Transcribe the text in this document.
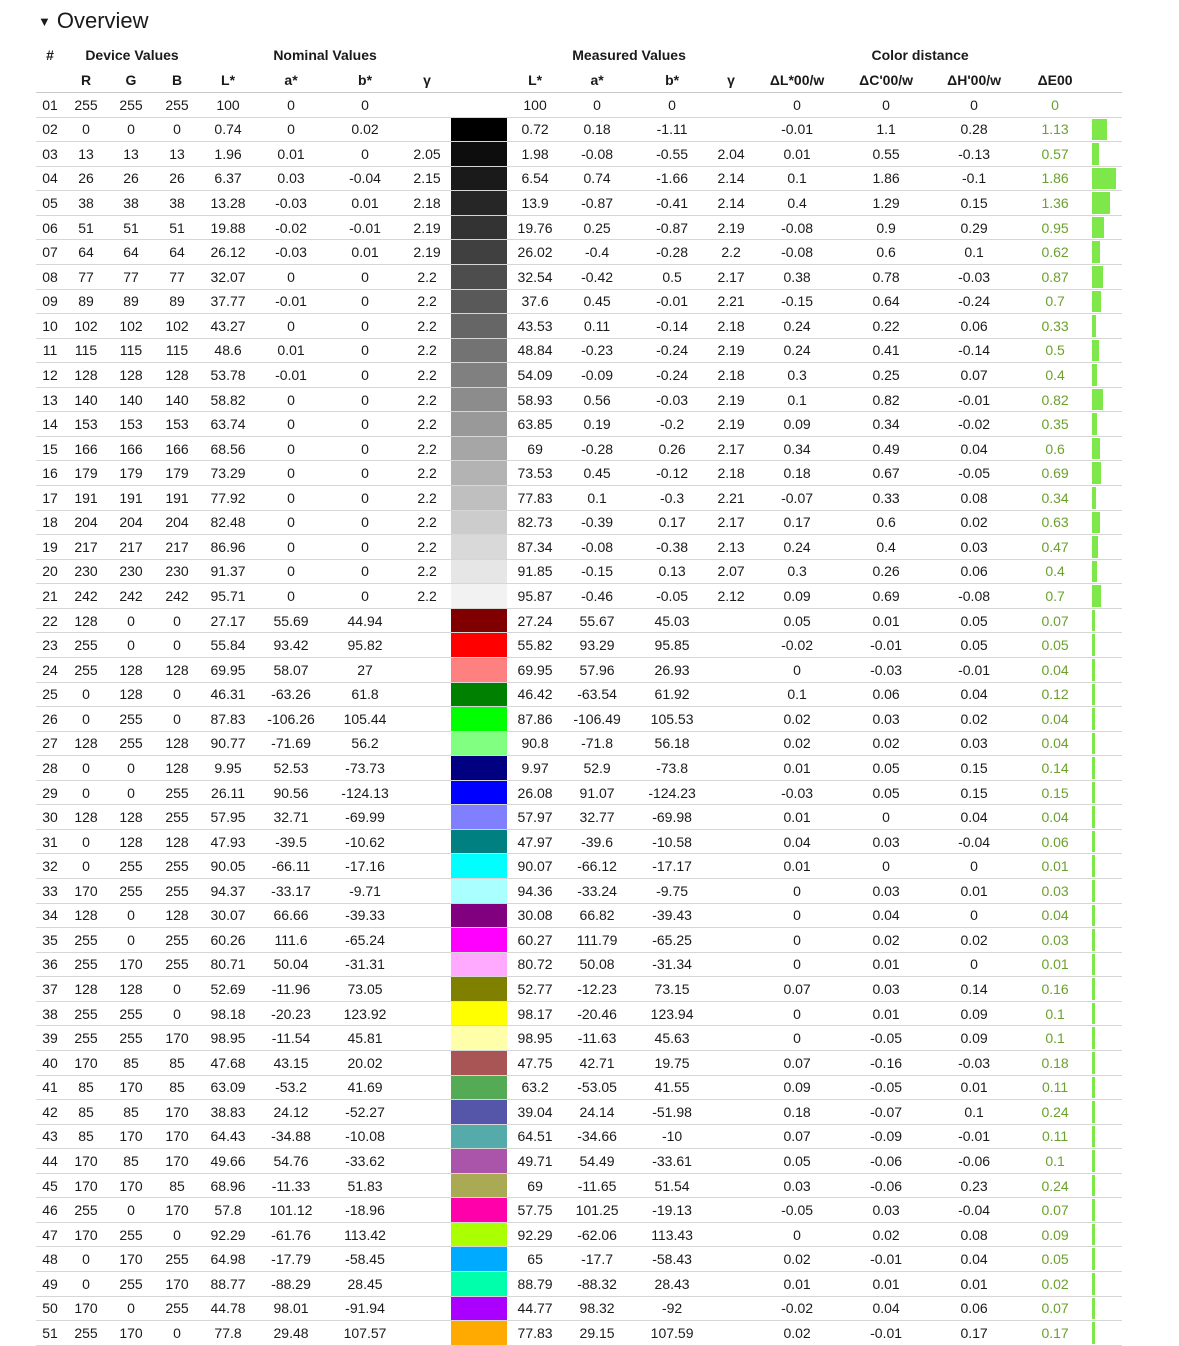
▼ Overview
#	Device Values			Nominal Values					Measured Values				Color distance				
	R	G	B	L*	a*	b*	γ		L*	a*	b*	γ	ΔL*00/w	ΔC'00/w	ΔH'00/w	ΔE00	
01	255	255	255	100	0	0			100	0	0		0	0	0	0	

02	0	0	0	0.74	0	0.02			0.72	0.18	-1.11		-0.01	1.1	0.28	1.13	

03	13	13	13	1.96	0.01	0	2.05		1.98	-0.08	-0.55	2.04	0.01	0.55	-0.13	0.57	

04	26	26	26	6.37	0.03	-0.04	2.15		6.54	0.74	-1.66	2.14	0.1	1.86	-0.1	1.86	

05	38	38	38	13.28	-0.03	0.01	2.18		13.9	-0.87	-0.41	2.14	0.4	1.29	0.15	1.36	

06	51	51	51	19.88	-0.02	-0.01	2.19		19.76	0.25	-0.87	2.19	-0.08	0.9	0.29	0.95	

07	64	64	64	26.12	-0.03	0.01	2.19		26.02	-0.4	-0.28	2.2	-0.08	0.6	0.1	0.62	

08	77	77	77	32.07	0	0	2.2		32.54	-0.42	0.5	2.17	0.38	0.78	-0.03	0.87	

09	89	89	89	37.77	-0.01	0	2.2		37.6	0.45	-0.01	2.21	-0.15	0.64	-0.24	0.7	

10	102	102	102	43.27	0	0	2.2		43.53	0.11	-0.14	2.18	0.24	0.22	0.06	0.33	

11	115	115	115	48.6	0.01	0	2.2		48.84	-0.23	-0.24	2.19	0.24	0.41	-0.14	0.5	

12	128	128	128	53.78	-0.01	0	2.2		54.09	-0.09	-0.24	2.18	0.3	0.25	0.07	0.4	

13	140	140	140	58.82	0	0	2.2		58.93	0.56	-0.03	2.19	0.1	0.82	-0.01	0.82	

14	153	153	153	63.74	0	0	2.2		63.85	0.19	-0.2	2.19	0.09	0.34	-0.02	0.35	

15	166	166	166	68.56	0	0	2.2		69	-0.28	0.26	2.17	0.34	0.49	0.04	0.6	

16	179	179	179	73.29	0	0	2.2		73.53	0.45	-0.12	2.18	0.18	0.67	-0.05	0.69	

17	191	191	191	77.92	0	0	2.2		77.83	0.1	-0.3	2.21	-0.07	0.33	0.08	0.34	

18	204	204	204	82.48	0	0	2.2		82.73	-0.39	0.17	2.17	0.17	0.6	0.02	0.63	

19	217	217	217	86.96	0	0	2.2		87.34	-0.08	-0.38	2.13	0.24	0.4	0.03	0.47	

20	230	230	230	91.37	0	0	2.2		91.85	-0.15	0.13	2.07	0.3	0.26	0.06	0.4	

21	242	242	242	95.71	0	0	2.2		95.87	-0.46	-0.05	2.12	0.09	0.69	-0.08	0.7	

22	128	0	0	27.17	55.69	44.94			27.24	55.67	45.03		0.05	0.01	0.05	0.07	

23	255	0	0	55.84	93.42	95.82			55.82	93.29	95.85		-0.02	-0.01	0.05	0.05	

24	255	128	128	69.95	58.07	27			69.95	57.96	26.93		0	-0.03	-0.01	0.04	

25	0	128	0	46.31	-63.26	61.8			46.42	-63.54	61.92		0.1	0.06	0.04	0.12	

26	0	255	0	87.83	-106.26	105.44			87.86	-106.49	105.53		0.02	0.03	0.02	0.04	

27	128	255	128	90.77	-71.69	56.2			90.8	-71.8	56.18		0.02	0.02	0.03	0.04	

28	0	0	128	9.95	52.53	-73.73			9.97	52.9	-73.8		0.01	0.05	0.15	0.14	

29	0	0	255	26.11	90.56	-124.13			26.08	91.07	-124.23		-0.03	0.05	0.15	0.15	

30	128	128	255	57.95	32.71	-69.99			57.97	32.77	-69.98		0.01	0	0.04	0.04	

31	0	128	128	47.93	-39.5	-10.62			47.97	-39.6	-10.58		0.04	0.03	-0.04	0.06	

32	0	255	255	90.05	-66.11	-17.16			90.07	-66.12	-17.17		0.01	0	0	0.01	

33	170	255	255	94.37	-33.17	-9.71			94.36	-33.24	-9.75		0	0.03	0.01	0.03	

34	128	0	128	30.07	66.66	-39.33			30.08	66.82	-39.43		0	0.04	0	0.04	

35	255	0	255	60.26	111.6	-65.24			60.27	111.79	-65.25		0	0.02	0.02	0.03	

36	255	170	255	80.71	50.04	-31.31			80.72	50.08	-31.34		0	0.01	0	0.01	

37	128	128	0	52.69	-11.96	73.05			52.77	-12.23	73.15		0.07	0.03	0.14	0.16	

38	255	255	0	98.18	-20.23	123.92			98.17	-20.46	123.94		0	0.01	0.09	0.1	

39	255	255	170	98.95	-11.54	45.81			98.95	-11.63	45.63		0	-0.05	0.09	0.1	

40	170	85	85	47.68	43.15	20.02			47.75	42.71	19.75		0.07	-0.16	-0.03	0.18	

41	85	170	85	63.09	-53.2	41.69			63.2	-53.05	41.55		0.09	-0.05	0.01	0.11	

42	85	85	170	38.83	24.12	-52.27			39.04	24.14	-51.98		0.18	-0.07	0.1	0.24	

43	85	170	170	64.43	-34.88	-10.08			64.51	-34.66	-10		0.07	-0.09	-0.01	0.11	

44	170	85	170	49.66	54.76	-33.62			49.71	54.49	-33.61		0.05	-0.06	-0.06	0.1	

45	170	170	85	68.96	-11.33	51.83			69	-11.65	51.54		0.03	-0.06	0.23	0.24	

46	255	0	170	57.8	101.12	-18.96			57.75	101.25	-19.13		-0.05	0.03	-0.04	0.07	

47	170	255	0	92.29	-61.76	113.42			92.29	-62.06	113.43		0	0.02	0.08	0.09	

48	0	170	255	64.98	-17.79	-58.45			65	-17.7	-58.43		0.02	-0.01	0.04	0.05	

49	0	255	170	88.77	-88.29	28.45			88.79	-88.32	28.43		0.01	0.01	0.01	0.02	

50	170	0	255	44.78	98.01	-91.94			44.77	98.32	-92		-0.02	0.04	0.06	0.07	

51	255	170	0	77.8	29.48	107.57			77.83	29.15	107.59		0.02	-0.01	0.17	0.17	
